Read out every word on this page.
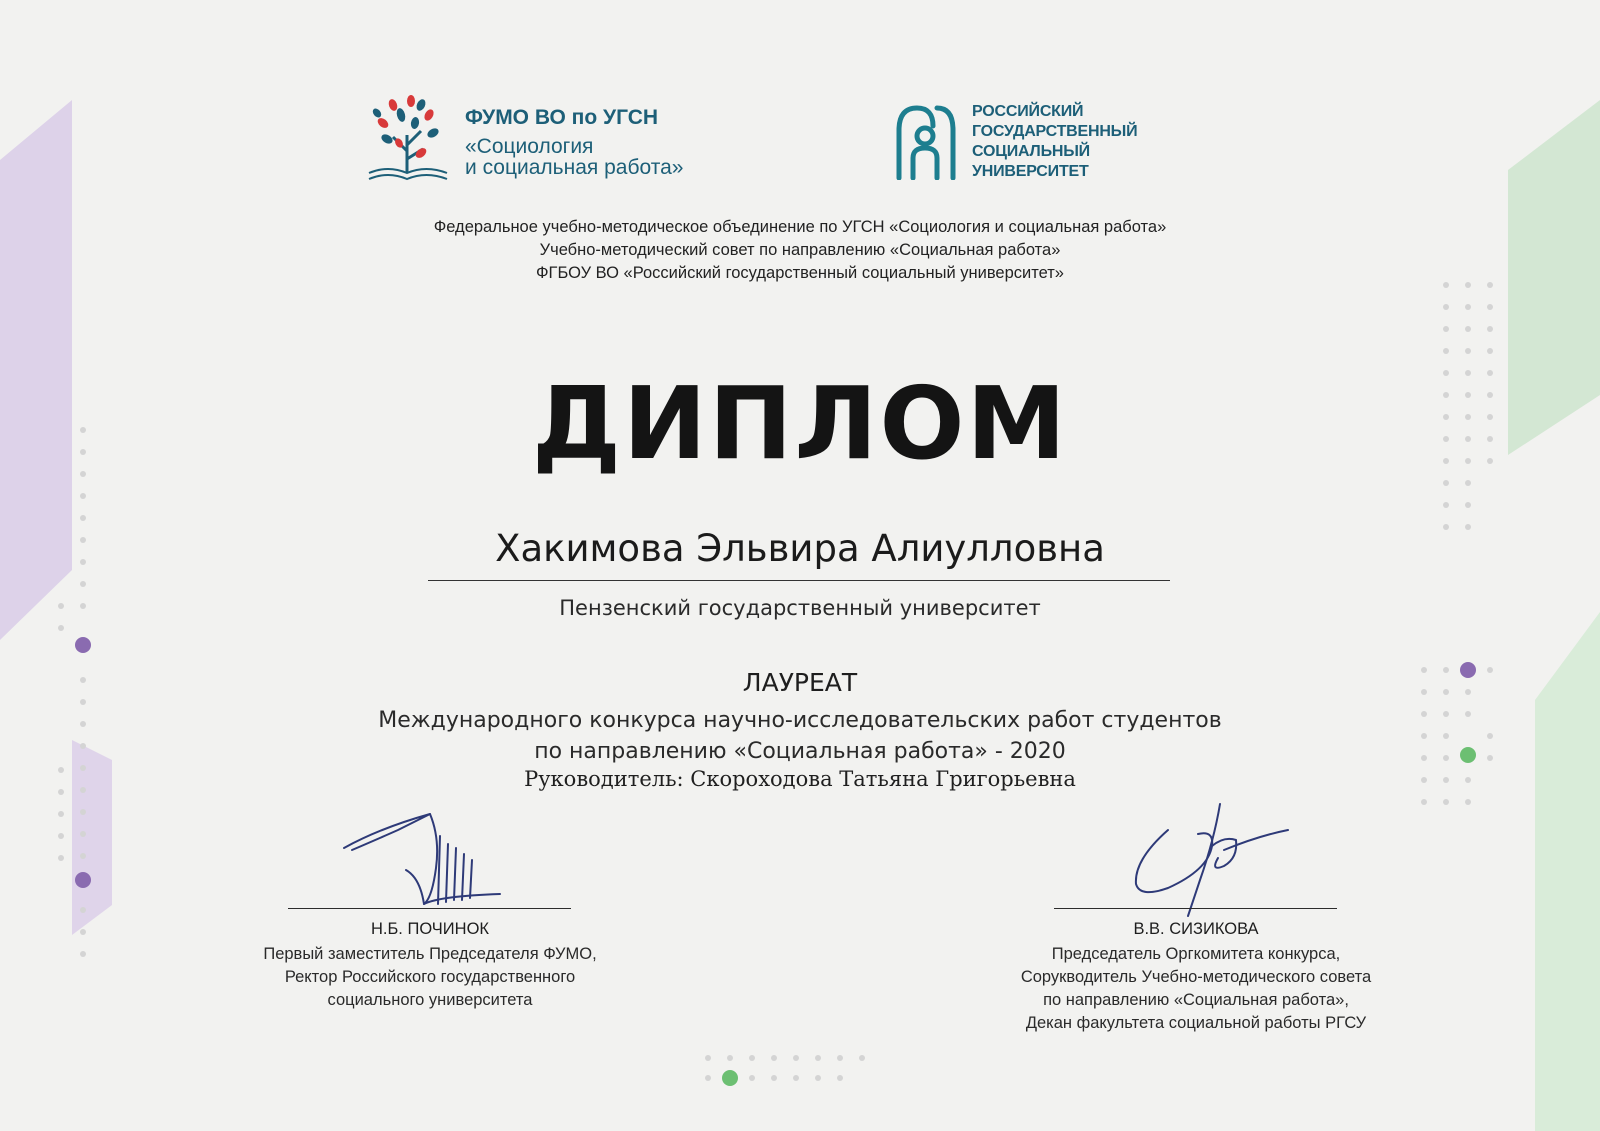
ФУМО ВО по УГСН
«Социология
и социальная работа»
РОССИЙСКИЙ
ГОСУДАРСТВЕННЫЙ
СОЦИАЛЬНЫЙ
УНИВЕРСИТЕТ
Федеральное учебно-методическое объединение по УГСН «Социология и социальная работа»
Учебно-методический совет по направлению «Социальная работа»
ФГБОУ ВО «Российский государственный социальный университет»
ДИПЛОМ
Хакимова Эльвира Алиулловна
Пензенский государственный университет
ЛАУРЕАТ
Международного конкурса научно-исследовательских работ студентов
по направлению «Социальная работа» - 2020
Руководитель: Скороходова Татьяна Григорьевна
Н.Б. ПОЧИНОК
Первый заместитель Председателя ФУМО,
Ректор Российского государственного
социального университета
В.В. СИЗИКОВА
Председатель Оргкомитета конкурса,
Сорукводитель Учебно-методического совета
по направлению «Социальная работа»,
Декан факультета социальной работы РГСУ
